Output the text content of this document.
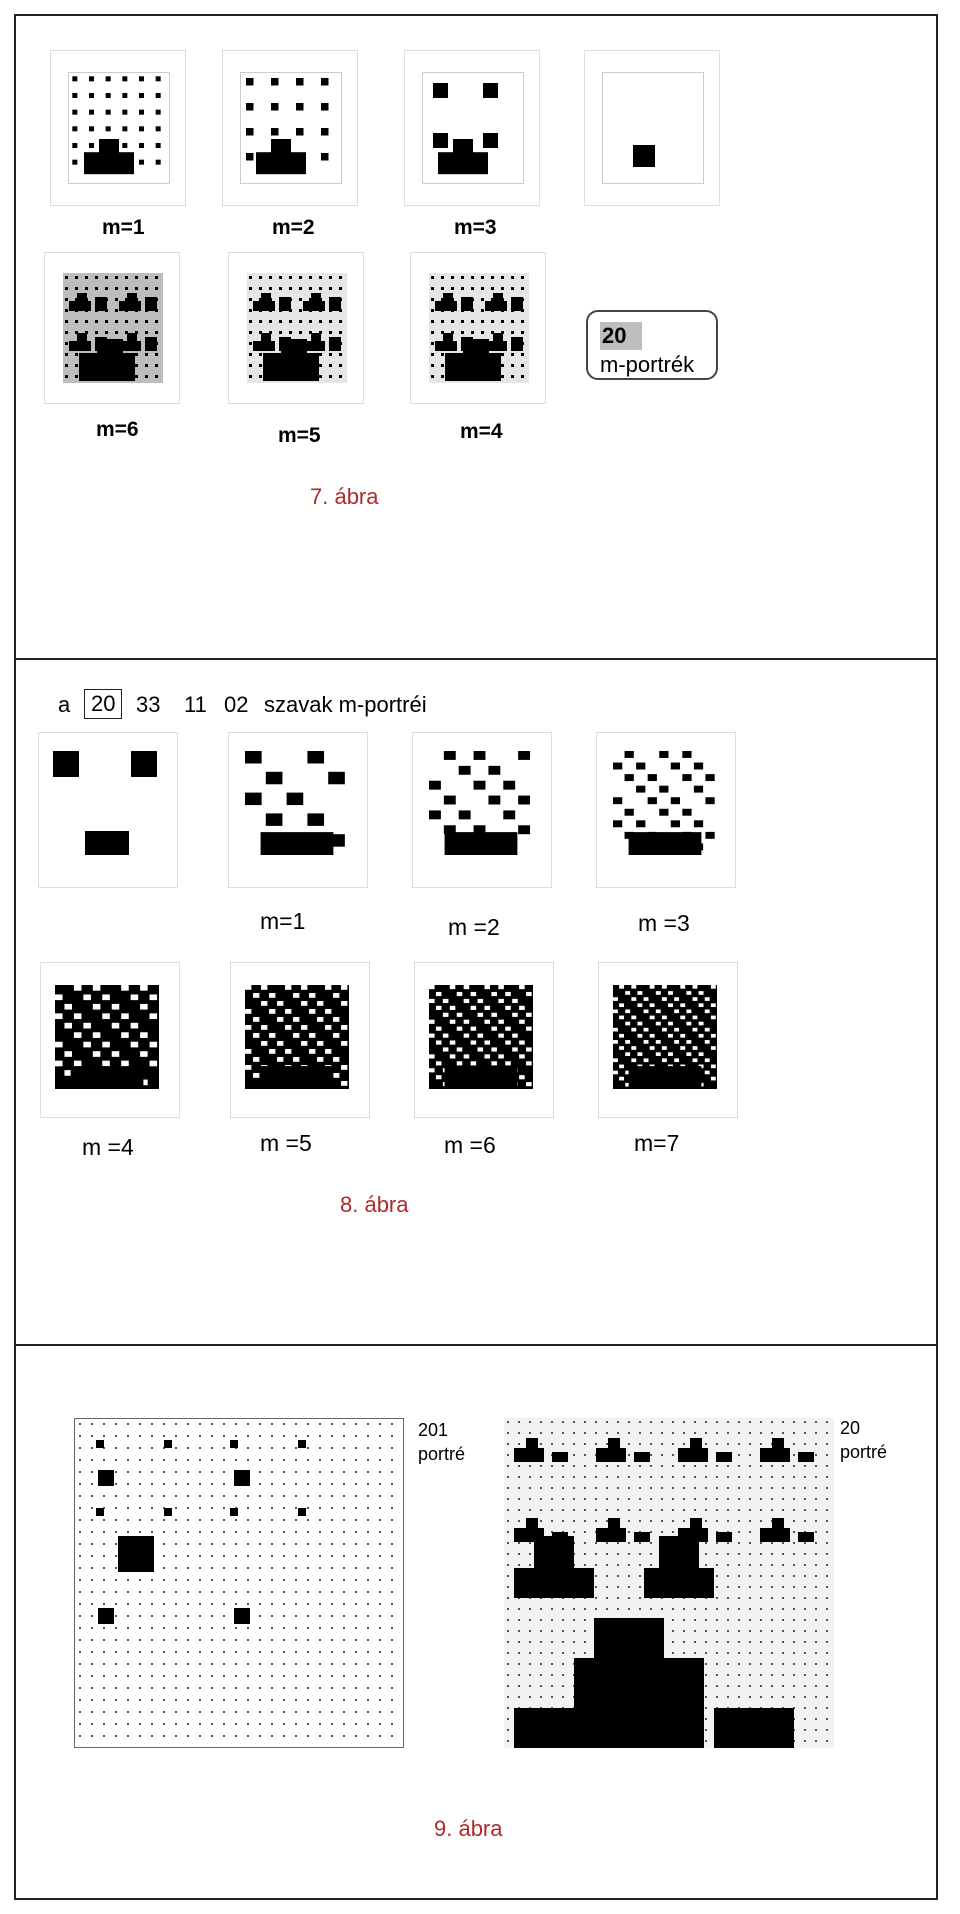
m=1	m=2	m=3
20
m-portrék
m=6	m=5	m=4
7. ábra
a 20 33 11 02 szavak m-portréi
m=1	m =2	m =3
m =4	m =5	m =6	m=7
8. ábra
201
portré
20
portré
9. ábra
